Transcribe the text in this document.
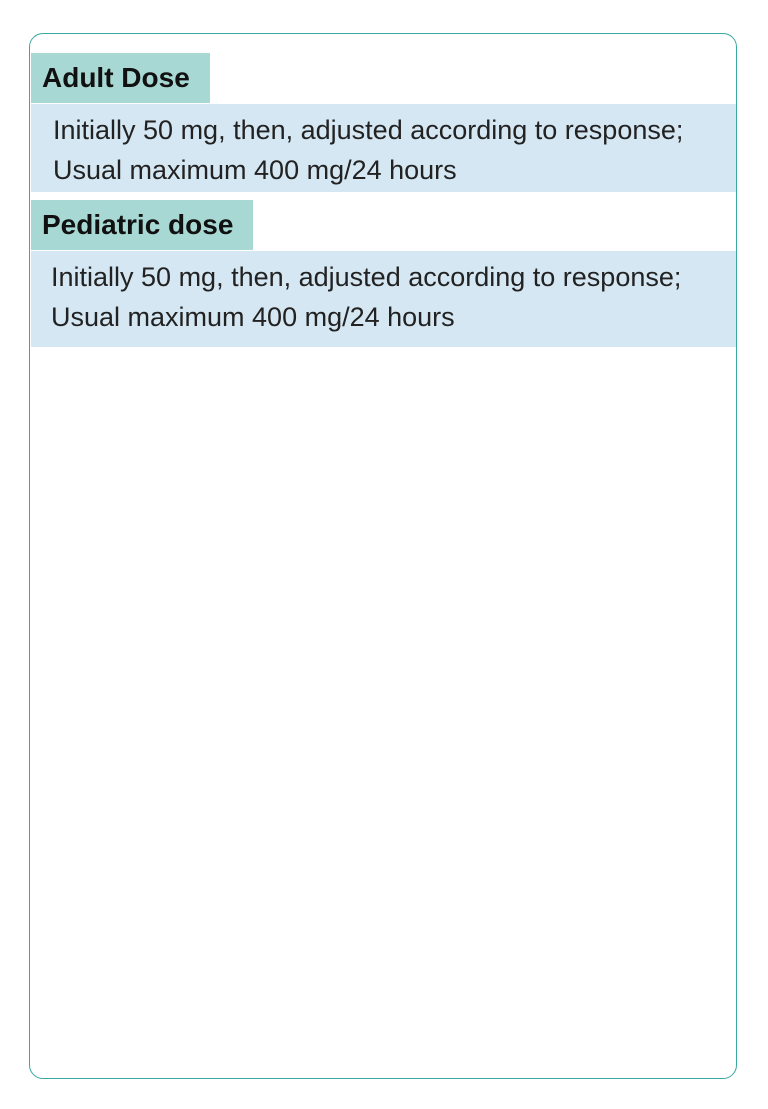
Adult Dose
Initially 50 mg, then, adjusted according to response; Usual maximum 400 mg/24 hours
Pediatric dose
Initially 50 mg, then, adjusted according to response; Usual maximum 400 mg/24 hours
